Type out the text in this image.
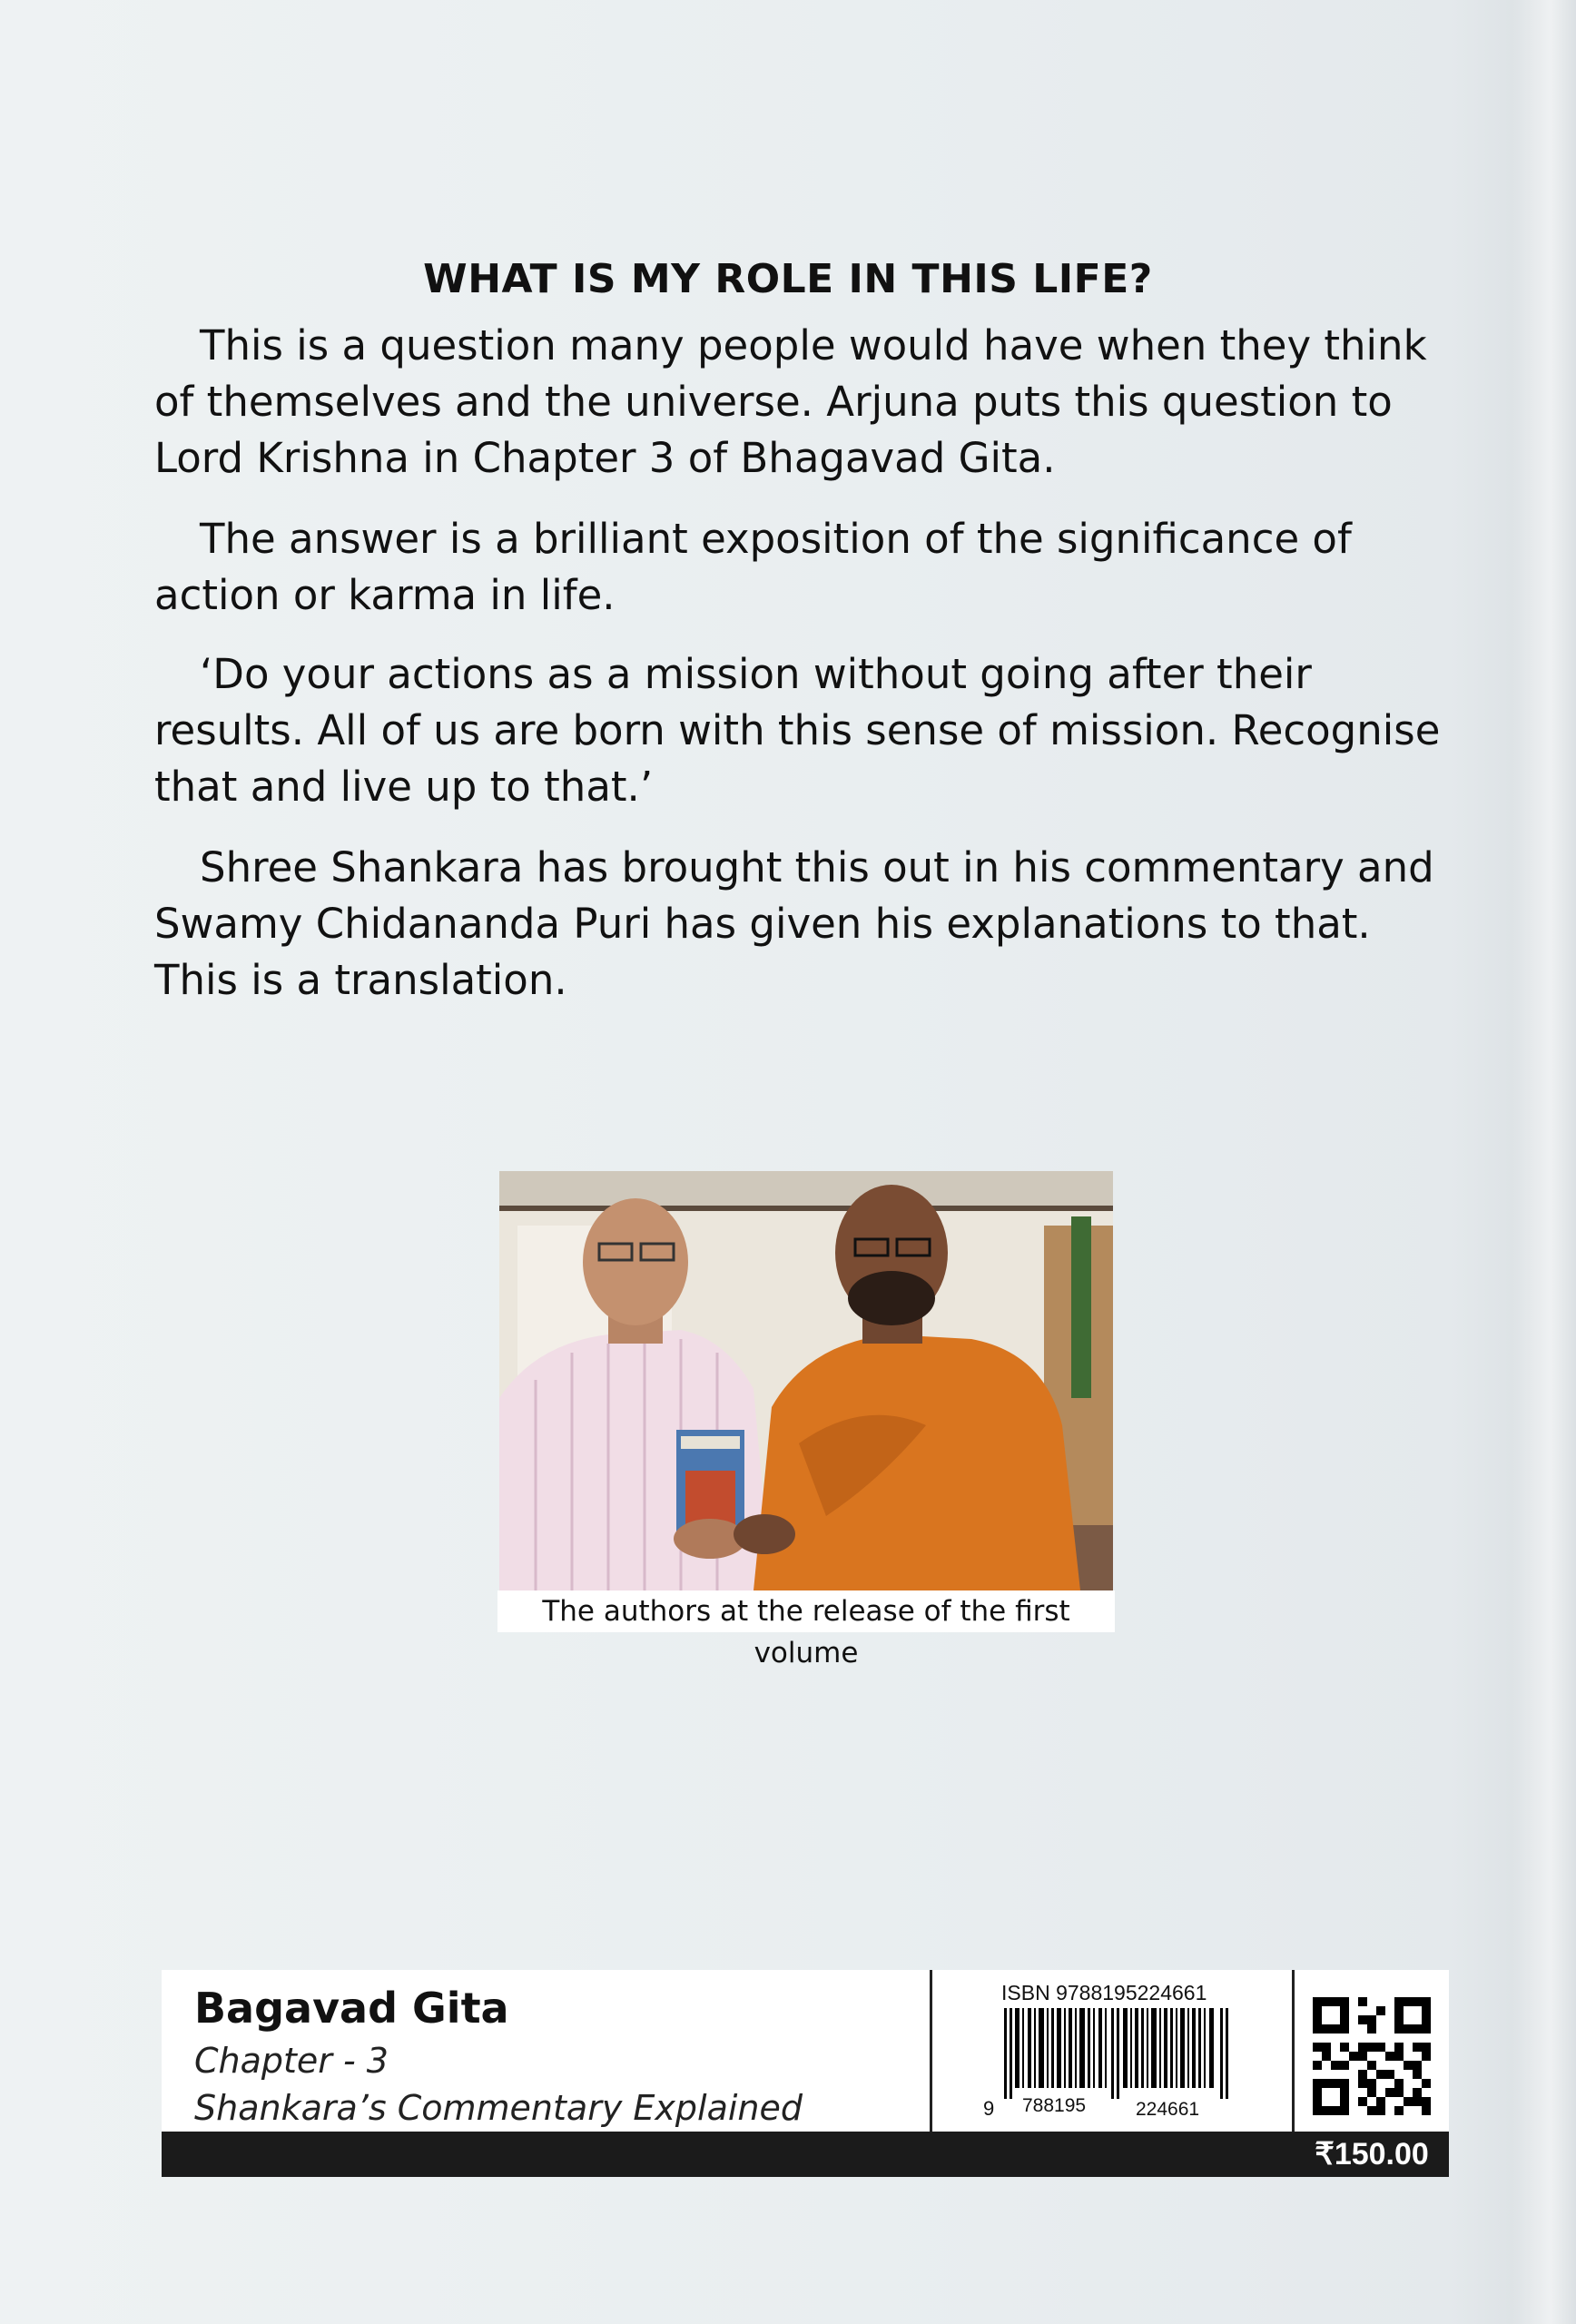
WHAT IS MY ROLE IN THIS LIFE?
This is a question many people would have when they think of themselves and the universe. Arjuna puts this question to Lord Krishna in Chapter 3 of Bhagavad Gita.
The answer is a brilliant exposition of the significance of action or karma in life.
‘Do your actions as a mission without going after their results. All of us are born with this sense of mission. Recognise that and live up to that.’
Shree Shankara has brought this out in his commentary and Swamy Chidananda Puri has given his explanations to that. This is a translation.
The authors at the release of the first volume
Bagavad Gita
Chapter - 3
Shankara’s Commentary Explained
ISBN 9788195224661
9 788195	224661
₹150.00
